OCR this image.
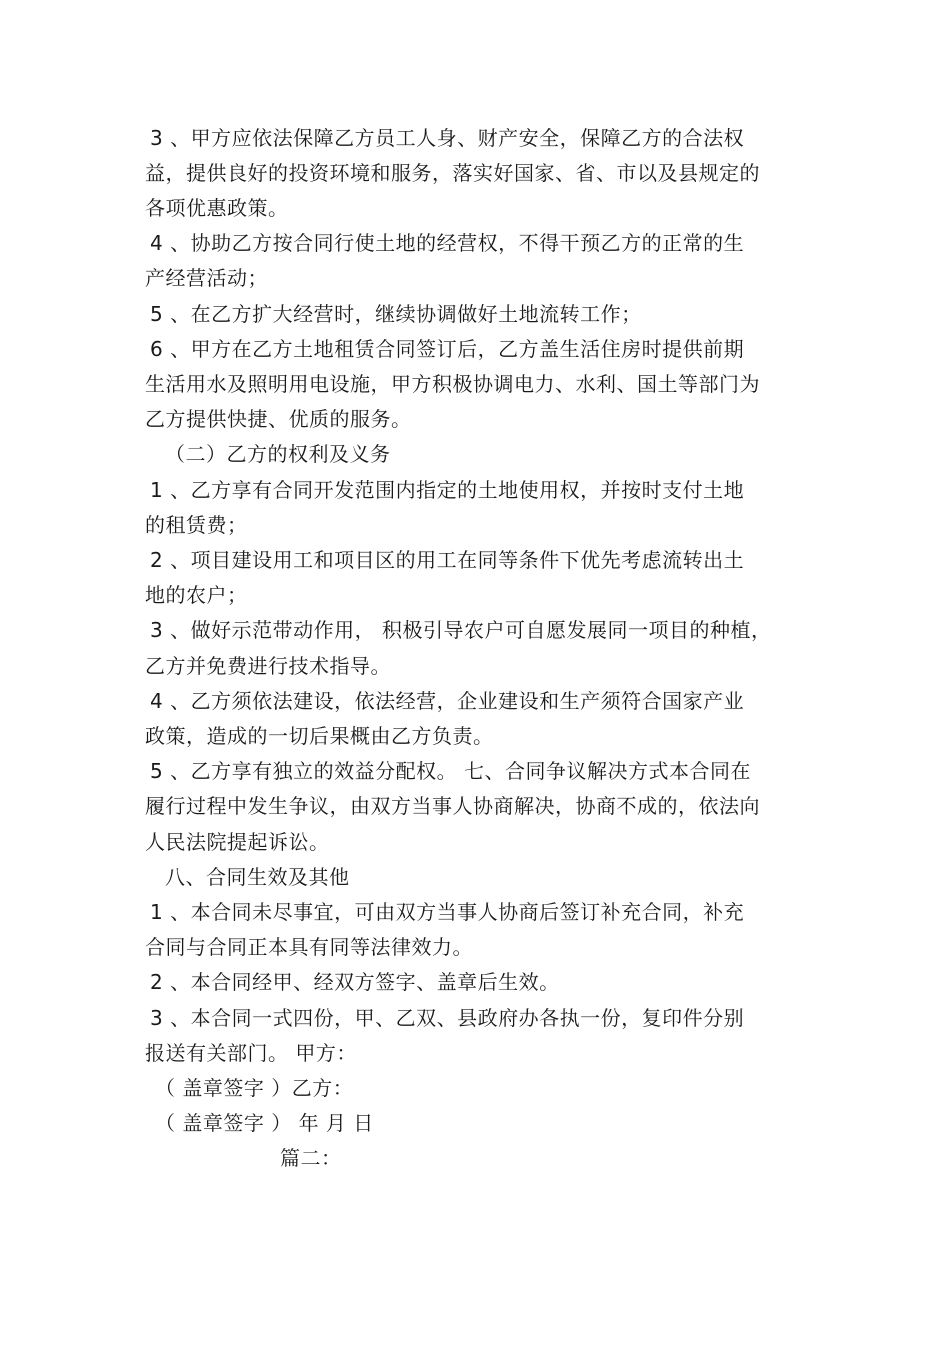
3 、甲方应依法保障乙方员工人身、财产安全，保障乙方的合法权
益，提供良好的投资环境和服务，落实好国家、省、市以及县规定的
各项优惠政策。
4 、协助乙方按合同行使土地的经营权，不得干预乙方的正常的生
产经营活动；
5 、在乙方扩大经营时，继续协调做好土地流转工作；
6 、甲方在乙方土地租赁合同签订后，乙方盖生活住房时提供前期
生活用水及照明用电设施，甲方积极协调电力、水利、国土等部门为
乙方提供快捷、优质的服务。
（二）乙方的权利及义务
1 、乙方享有合同开发范围内指定的土地使用权，并按时支付土地
的租赁费；
2 、项目建设用工和项目区的用工在同等条件下优先考虑流转出土
地的农户；
3 、做好示范带动作用， 积极引导农户可自愿发展同一项目的种植，
乙方并免费进行技术指导。
4 、乙方须依法建设，依法经营，企业建设和生产须符合国家产业
政策，造成的一切后果概由乙方负责。
5 、乙方享有独立的效益分配权。 七、合同争议解决方式本合同在
履行过程中发生争议，由双方当事人协商解决，协商不成的，依法向
人民法院提起诉讼。
八、合同生效及其他
1 、本合同未尽事宜，可由双方当事人协商后签订补充合同，补充
合同与合同正本具有同等法律效力。
2 、本合同经甲、经双方签字、盖章后生效。
3 、本合同一式四份，甲、乙双、县政府办各执一份，复印件分别
报送有关部门。 甲方：
（ 盖章签字 ）乙方：
（ 盖章签字 ） 年 月 日
篇二：
